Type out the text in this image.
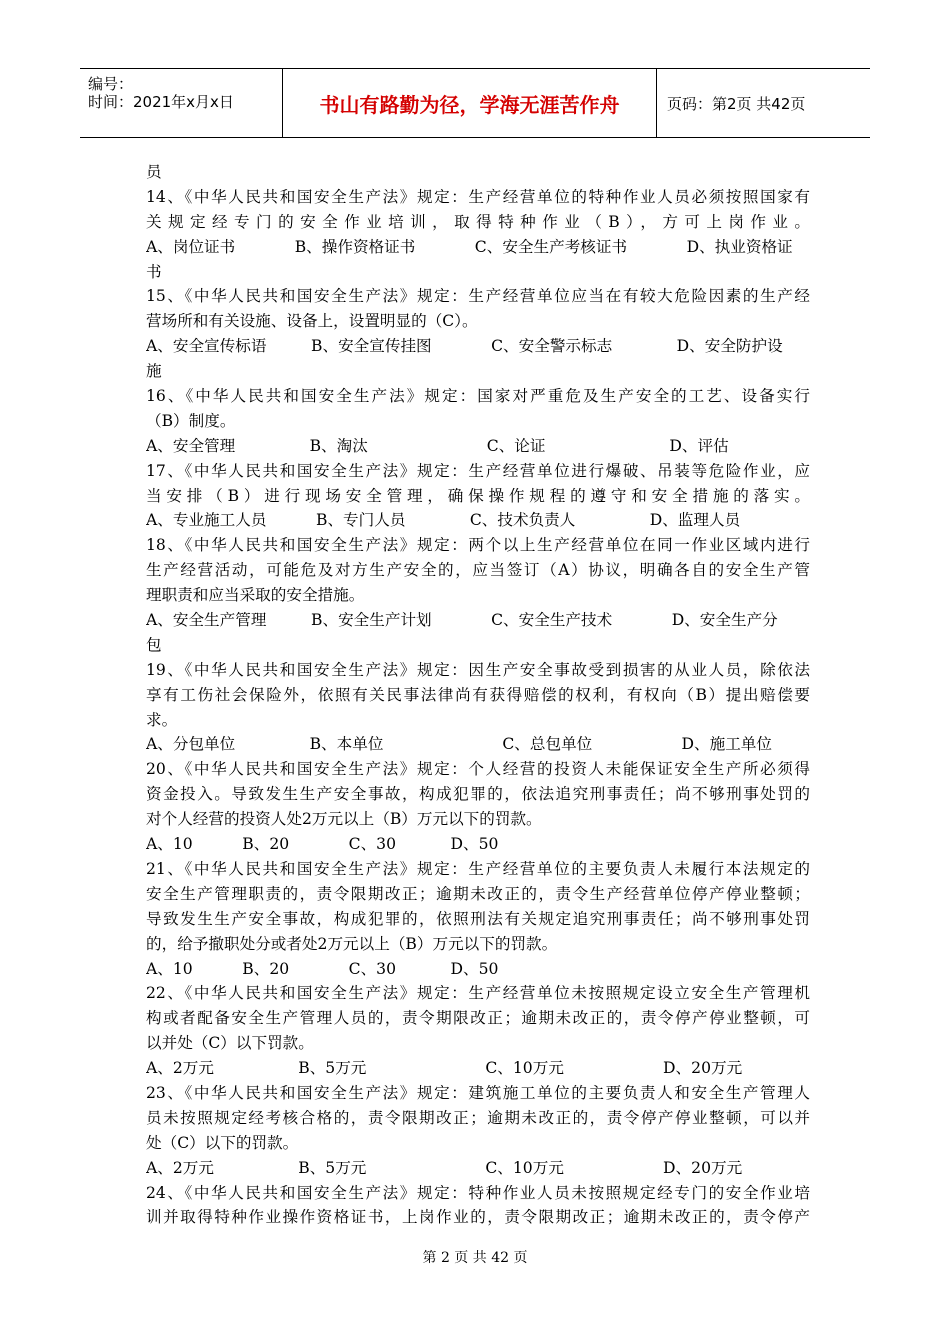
编号：
时间：2021年x月x日	书山有路勤为径，学海无涯苦作舟	页码：第2页 共42页
员
14、《中华人民共和国安全生产法》规定：生产经营单位的特种作业人员必须按照国家有
关规定经专门的安全作业培训，取得特种作业（B），方可上岗作业。
A、岗位证书            B、操作资格证书            C、安全生产考核证书            D、执业资格证
书
15、《中华人民共和国安全生产法》规定：生产经营单位应当在有较大危险因素的生产经
营场所和有关设施、设备上，设置明显的（C）。
A、安全宣传标语         B、安全宣传挂图            C、安全警示标志             D、安全防护设
施
16、《中华人民共和国安全生产法》规定：国家对严重危及生产安全的工艺、设备实行
（B）制度。
A、安全管理               B、淘汰                        C、论证                         D、评估
17、《中华人民共和国安全生产法》规定：生产经营单位进行爆破、吊装等危险作业，应
当安排（B）进行现场安全管理，确保操作规程的遵守和安全措施的落实。
A、专业施工人员          B、专门人员             C、技术负责人               D、监理人员
18、《中华人民共和国安全生产法》规定：两个以上生产经营单位在同一作业区域内进行
生产经营活动，可能危及对方生产安全的，应当签订（A）协议，明确各自的安全生产管
理职责和应当采取的安全措施。
A、安全生产管理         B、安全生产计划            C、安全生产技术            D、安全生产分
包
19、《中华人民共和国安全生产法》规定：因生产安全事故受到损害的从业人员，除依法
享有工伤社会保险外，依照有关民事法律尚有获得赔偿的权利，有权向（B）提出赔偿要
求。
A、分包单位               B、本单位                        C、总包单位                  D、施工单位
20、《中华人民共和国安全生产法》规定：个人经营的投资人未能保证安全生产所必须得
资金投入。导致发生生产安全事故，构成犯罪的，依法追究刑事责任；尚不够刑事处罚的
对个人经营的投资人处2万元以上（B）万元以下的罚款。
A、10          B、20            C、30           D、50
21、《中华人民共和国安全生产法》规定：生产经营单位的主要负责人未履行本法规定的
安全生产管理职责的，责令限期改正；逾期未改正的，责令生产经营单位停产停业整顿；
导致发生生产安全事故，构成犯罪的，依照刑法有关规定追究刑事责任；尚不够刑事处罚
的，给予撤职处分或者处2万元以上（B）万元以下的罚款。
A、10          B、20            C、30           D、50
22、《中华人民共和国安全生产法》规定：生产经营单位未按照规定设立安全生产管理机
构或者配备安全生产管理人员的，责令期限改正；逾期未改正的，责令停产停业整顿，可
以并处（C）以下罚款。
A、2万元                 B、5万元                        C、10万元                    D、20万元
23、《中华人民共和国安全生产法》规定：建筑施工单位的主要负责人和安全生产管理人
员未按照规定经考核合格的，责令限期改正；逾期未改正的，责令停产停业整顿，可以并
处（C）以下的罚款。
A、2万元                 B、5万元                        C、10万元                    D、20万元
24、《中华人民共和国安全生产法》规定：特种作业人员未按照规定经专门的安全作业培
训并取得特种作业操作资格证书，上岗作业的，责令限期改正；逾期未改正的，责令停产
第 2 页 共 42 页
